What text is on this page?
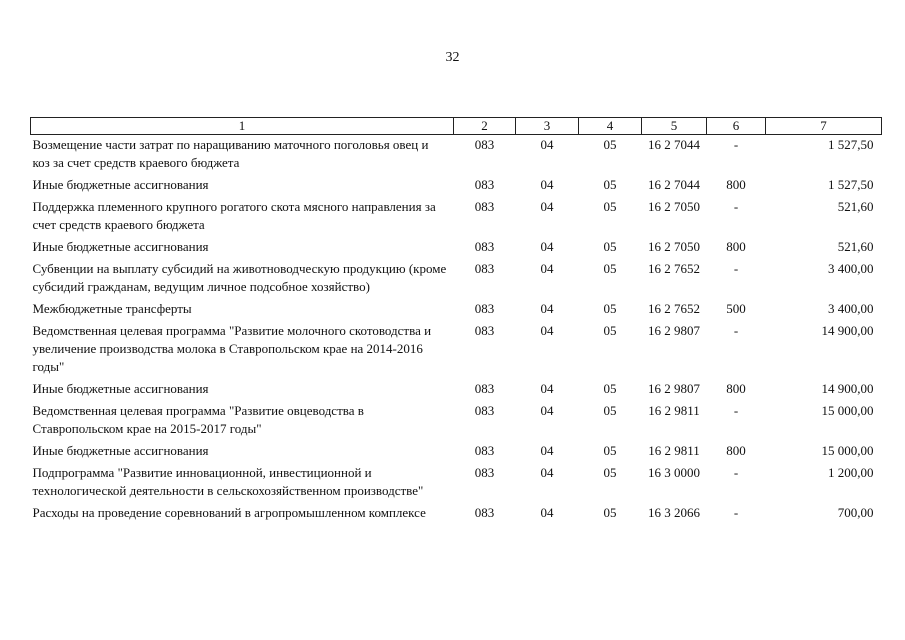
32
1	2	3	4	5	6	7
Возмещение части затрат по наращиванию маточного поголовья овец и коз за счет средств краевого бюджета	083	04	05	16 2 7044	-	1 527,50
Иные бюджетные ассигнования	083	04	05	16 2 7044	800	1 527,50
Поддержка племенного крупного рогатого скота мясного направления за счет средств краевого бюджета	083	04	05	16 2 7050	-	521,60
Иные бюджетные ассигнования	083	04	05	16 2 7050	800	521,60
Субвенции на выплату субсидий на животноводческую продукцию (кроме субсидий гражданам, ведущим личное подсобное хозяйство)	083	04	05	16 2 7652	-	3 400,00
Межбюджетные трансферты	083	04	05	16 2 7652	500	3 400,00
Ведомственная целевая программа "Развитие молочного скотоводства и увеличение производства молока в Ставропольском крае на 2014-2016 годы"	083	04	05	16 2 9807	-	14 900,00
Иные бюджетные ассигнования	083	04	05	16 2 9807	800	14 900,00
Ведомственная целевая программа "Развитие овцеводства в Ставропольском крае на 2015-2017 годы"	083	04	05	16 2 9811	-	15 000,00
Иные бюджетные ассигнования	083	04	05	16 2 9811	800	15 000,00
Подпрограмма "Развитие инновационной, инвестиционной и технологической деятельности в сельскохозяйственном производстве"	083	04	05	16 3 0000	-	1 200,00
Расходы на проведение соревнований в агропромышленном комплексе	083	04	05	16 3 2066	-	700,00
